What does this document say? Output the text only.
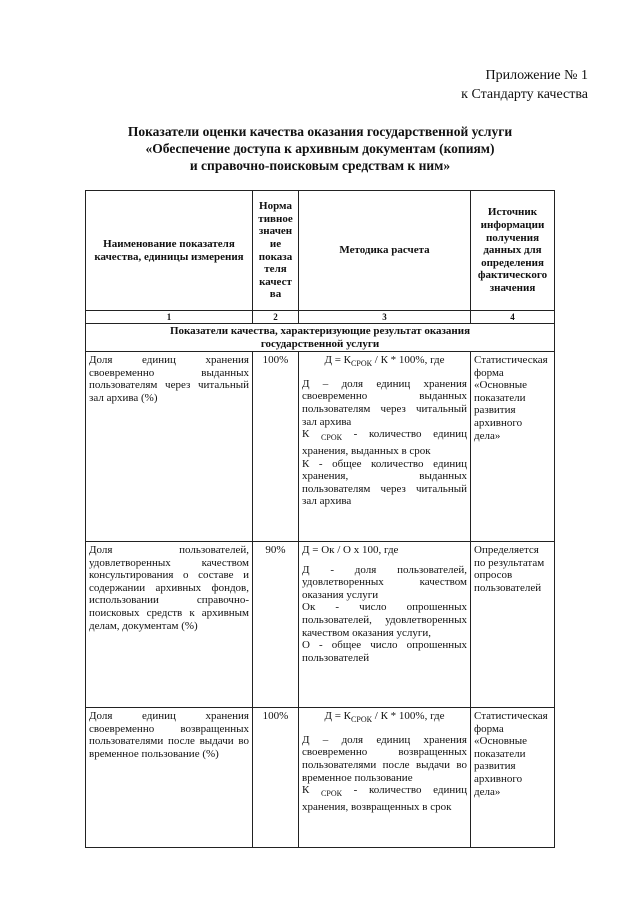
Приложение № 1
к Стандарту качества
Показатели оценки качества оказания государственной услуги
«Обеспечение доступа к архивным документам (копиям)
и справочно-поисковым средствам к ним»
Наименование показателя качества, единицы измерения	Норма тивное значен ие показа теля качест ва	Методика расчета	Источник информации получения данных для определения фактического значения
1	2	3	4
Показатели качества, характеризующие результат оказания государственной услуги			
Доля единиц хранения своевременно выданных пользователям через читальный зал архива (%)	100%	$Д = К_{СРОК} / К * 100\%$, где
Д – доля единиц хранения своевременно выданных пользователям через читальный зал архива
К $_{СРОК}$ - количество единиц хранения, выданных в срок
К - общее количество единиц хранения, выданных пользователям через читальный зал архива	Статистическая форма «Основные показатели развития архивного дела»
Доля пользователей, удовлетворенных качеством консультирования о составе и содержании архивных фондов, использовании справочно-поисковых средств к архивным делам, документам (%)	90%	Д = Ок / О х 100, где
Д - доля пользователей, удовлетворенных качеством оказания услуги
Ок - число опрошенных пользователей, удовлетворенных качеством оказания услуги,
О - общее число опрошенных пользователей	Определяется по результатам опросов пользователей
Доля единиц хранения своевременно возвращенных пользователями после выдачи во временное пользование (%)	100%	$Д = К_{СРОК} / К * 100\%$, где
Д – доля единиц хранения своевременно возвращенных пользователями после выдачи во временное пользование
К $_{СРОК}$ - количество единиц хранения, возвращенных в срок	Статистическая форма «Основные показатели развития архивного дела»
